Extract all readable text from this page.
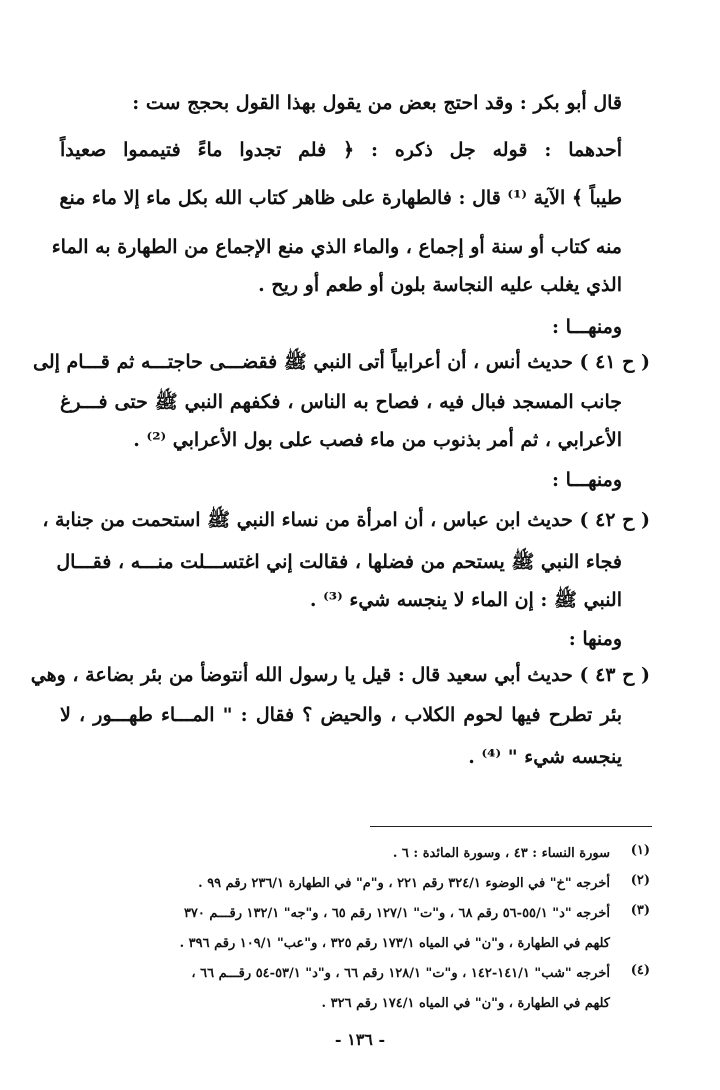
قال أبو بكر : وقد احتج بعض من يقول بهذا القول بحجج ست :
أحدهما : قوله جل ذكره : ﴿ فلم تجدوا ماءً فتيمموا صعيداً
طيباً ﴾ الآية ⁽¹⁾ قال : فالطهارة على ظاهر كتاب الله بكل ماء إلا ماء منع
منه كتاب أو سنة أو إجماع ، والماء الذي منع الإجماع من الطهارة به الماء
الذي يغلب عليه النجاسة بلون أو طعم أو ريح .
ومنهـــا :
( ح ٤١ ) حديث أنس ، أن أعرابياً أتى النبي ﷺ فقضـــى حاجتـــه ثم قـــام إلى
جانب المسجد فبال فيه ، فصاح به الناس ، فكفهم النبي ﷺ حتى فـــرغ
الأعرابي ، ثم أمر بذنوب من ماء فصب على بول الأعرابي ⁽²⁾ .
ومنهـــا :
( ح ٤٢ ) حديث ابن عباس ، أن امرأة من نساء النبي ﷺ استحمت من جنابة ،
فجاء النبي ﷺ يستحم من فضلها ، فقالت إني اغتســـلت منـــه ، فقـــال
النبي ﷺ : إن الماء لا ينجسه شيء ⁽³⁾ .
ومنها :
( ح ٤٣ ) حديث أبي سعيد قال : قيل يا رسول الله أنتوضأ من بئر بضاعة ، وهي
بئر تطرح فيها لحوم الكلاب ، والحيض ؟ فقال : " المـــاء طهـــور ، لا
ينجسه شيء " ⁽⁴⁾ .
(١)
سورة النساء : ٤٣ ، وسورة المائدة : ٦ .
(٢)
أخرجه "خ" في الوضوء ٣٢٤/١ رقم ٢٢١ ، و"م" في الطهارة ٢٣٦/١ رقم ٩٩ .
(٣)
أخرجه "د" ٥٥/١-٥٦ رقم ٦٨ ، و"ت" ١٢٧/١ رقم ٦٥ ، و"جه" ١٣٢/١ رقـــم ٣٧٠
كلهم في الطهارة ، و"ن" في المياه ١٧٣/١ رقم ٣٢٥ ، و"عب" ١٠٩/١ رقم ٣٩٦ .
(٤)
أخرجه "شب" ١٤١/١-١٤٢ ، و"ت" ١٢٨/١ رقم ٦٦ ، و"د" ٥٣/١-٥٤ رقـــم ٦٦ ،
كلهم في الطهارة ، و"ن" في المياه ١٧٤/١ رقم ٣٢٦ .
- ١٣٦ -
